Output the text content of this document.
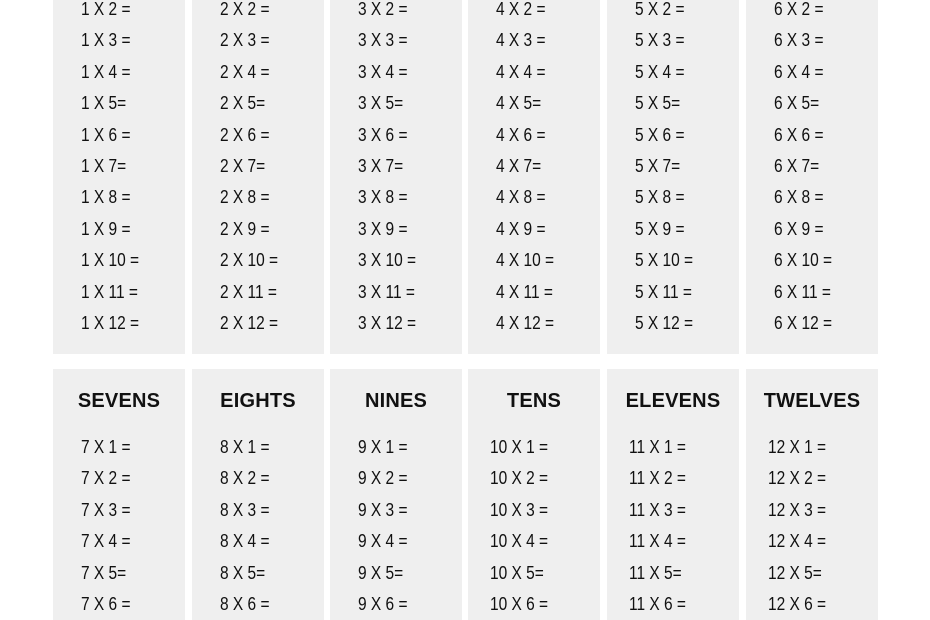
1 X 2 =
1 X 3 =
1 X 4 =
1 X 5=
1 X 6 =
1 X 7=
1 X 8 =
1 X 9 =
1 X 10 =
1 X 11 =
1 X 12 =
2 X 2 =
2 X 3 =
2 X 4 =
2 X 5=
2 X 6 =
2 X 7=
2 X 8 =
2 X 9 =
2 X 10 =
2 X 11 =
2 X 12 =
3 X 2 =
3 X 3 =
3 X 4 =
3 X 5=
3 X 6 =
3 X 7=
3 X 8 =
3 X 9 =
3 X 10 =
3 X 11 =
3 X 12 =
4 X 2 =
4 X 3 =
4 X 4 =
4 X 5=
4 X 6 =
4 X 7=
4 X 8 =
4 X 9 =
4 X 10 =
4 X 11 =
4 X 12 =
5 X 2 =
5 X 3 =
5 X 4 =
5 X 5=
5 X 6 =
5 X 7=
5 X 8 =
5 X 9 =
5 X 10 =
5 X 11 =
5 X 12 =
6 X 2 =
6 X 3 =
6 X 4 =
6 X 5=
6 X 6 =
6 X 7=
6 X 8 =
6 X 9 =
6 X 10 =
6 X 11 =
6 X 12 =
SEVENS
7 X 1 =
7 X 2 =
7 X 3 =
7 X 4 =
7 X 5=
7 X 6 =
EIGHTS
8 X 1 =
8 X 2 =
8 X 3 =
8 X 4 =
8 X 5=
8 X 6 =
NINES
9 X 1 =
9 X 2 =
9 X 3 =
9 X 4 =
9 X 5=
9 X 6 =
TENS
10 X 1 =
10 X 2 =
10 X 3 =
10 X 4 =
10 X 5=
10 X 6 =
ELEVENS
11 X 1 =
11 X 2 =
11 X 3 =
11 X 4 =
11 X 5=
11 X 6 =
TWELVES
12 X 1 =
12 X 2 =
12 X 3 =
12 X 4 =
12 X 5=
12 X 6 =
